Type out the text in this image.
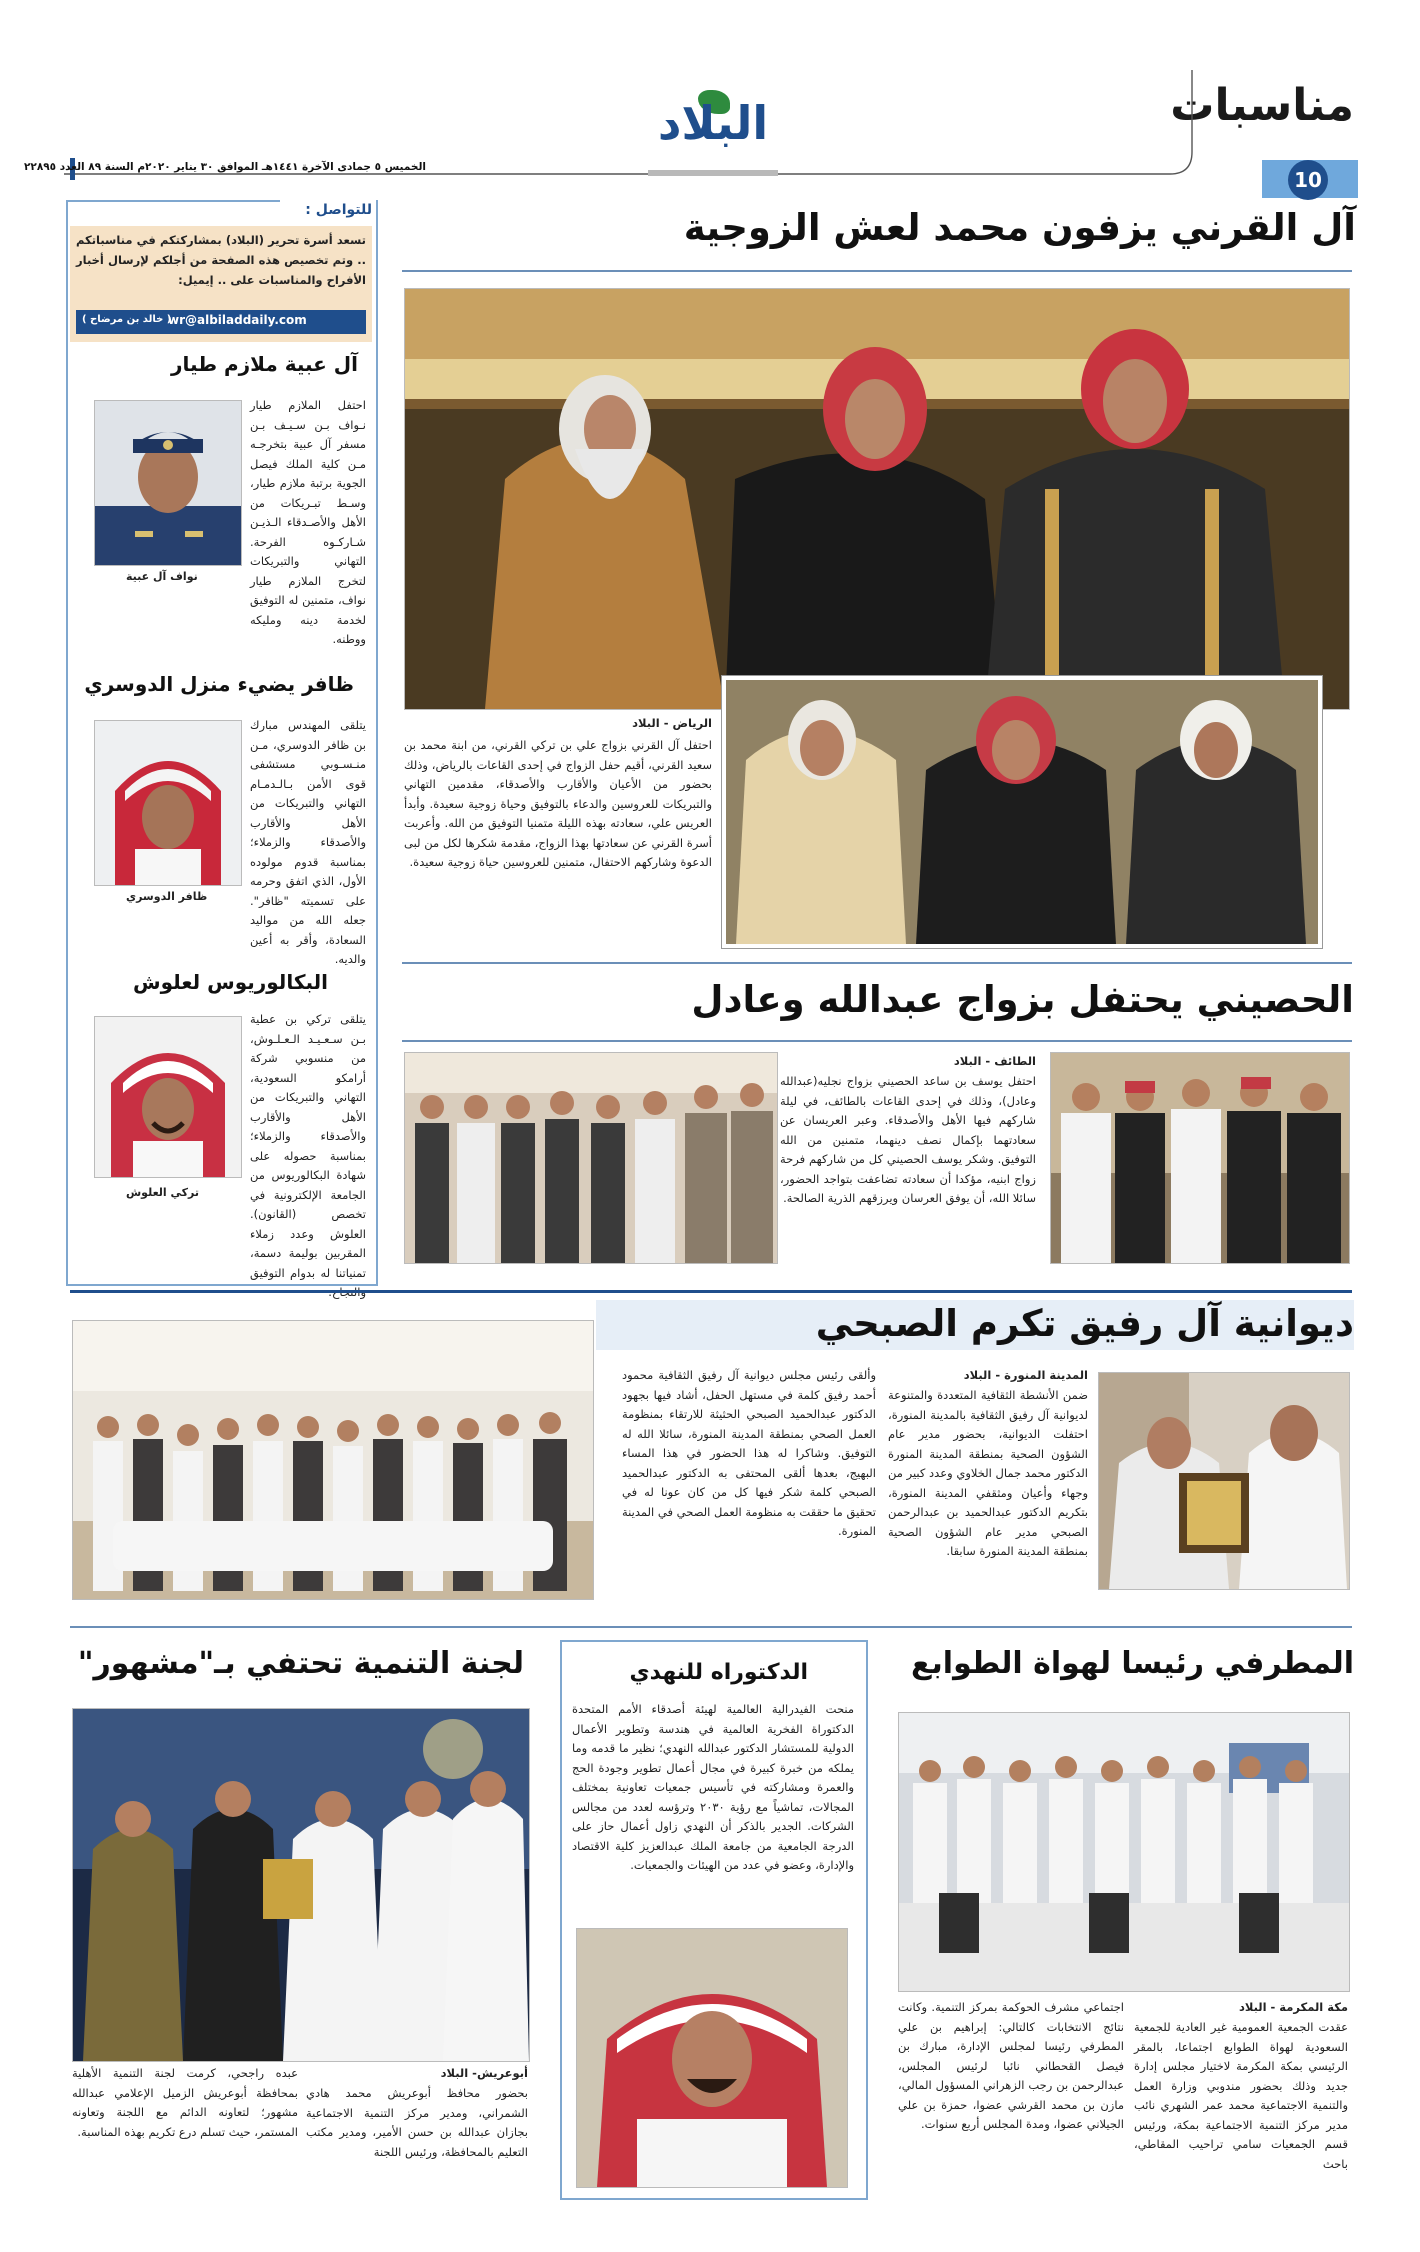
مناسبات
10
البلاد
الخميس ٥ جمادى الآخرة ١٤٤١هـ الموافق ٣٠ يناير ٢٠٢٠م السنة ٨٩ العدد ٢٢٨٩٥
للتواصل :
تسعد أسرة تحرير (البلاد) بمشاركتكم في مناسباتكم .. وتم تخصيص هذه الصفحة من أجلكم لإرسال أخبار الأفراح والمناسبات على .. إيميل:
wr@albiladdaily.com
( خالد بن مرضاح )
آل عبية ملازم طيار
نواف آل عبية
احتفل الملازم طيار نـواف بـن سـيـف بـن مسفر آل عبية بتخرجـه مـن كلية الملك فيصل الجوية برتبة ملازم طيار، وسـط تبـريكات من الأهل والأصـدقاء الـذيـن شـاركـوه الفرحة. التهاني والتبريكات لتخرج الملازم طيار نواف، متمنين له التوفيق لخدمة دينه ومليكه ووطنه.
ظافر يضيء منزل الدوسري
ظافر الدوسري
يتلقى المهندس مبارك بن ظافر الدوسري، مـن منـسـوبي مستشفى قوى الأمن بـالـدمـام التهاني والتبريكات من الأهل والأقارب والأصدقاء والزملاء؛ بمناسبة قدوم مولوده الأول، الذي اتفق وحرمه على تسميته "ظافر". جعله الله من مواليد السعادة، وأقر به أعين والديه.
البكالوريوس لعلوش
تركي العلوش
يتلقى تركي بن عطية بـن سـعـيـد الـعـلـوش، من منسوبي شركة أرامكو السعودية، التهاني والتبريكات من الأهل والأقارب والأصدقاء والزملاء؛ بمناسبة حصوله على شهادة البكالوريوس من الجامعة الإلكترونية في تخصص (القانون). العلوش وعدد زملاء المقربين بوليمة دسمة، تمنياتنا له بدوام التوفيق
آل القرني يزفون محمد لعش الزوجية
الرياض - البلاد
احتفل آل القرني بزواج علي بن تركي القرني، من ابنة محمد بن سعيد القرني، أقيم حفل الزواج في إحدى القاعات بالرياض، وذلك بحضور من الأعيان والأقارب والأصدقاء، مقدمين التهاني والتبريكات للعروسين والدعاء بالتوفيق وحياة زوجية سعيدة. وأبدأ العريس علي، سعادته بهذه الليلة متمنيا التوفيق من الله. وأعربت أسرة القرني عن سعادتها بهذا الزواج، مقدمة شكرها لكل من لبى الدعوة وشاركهم الاحتفال، متمنين للعروسين حياة زوجية سعيدة.
الحصيني يحتفل بزواج عبدالله وعادل
الطائف - البلاد
احتفل يوسف بن ساعد الحصيني بزواج نجليه(عبدالله وعادل)، وذلك في إحدى القاعات بالطائف، في ليلة شاركهم فيها الأهل والأصدقاء. وعبر العريسان عن سعادتهما بإكمال نصف دينهما، متمنين من الله التوفيق. وشكر يوسف الحصيني كل من شاركهم فرحة زواج ابنيه، مؤكدا أن سعادته تضاعفت بتواجد الحضور، سائلا الله، أن يوفق العرسان ويرزقهم الذرية الصالحة.
ديوانية آل رفيق تكرم الصبحي
المدينة المنورة - البلاد
ضمن الأنشطة الثقافية المتعددة والمتنوعة لديوانية آل رفيق الثقافية بالمدينة المنورة، احتفلت الديوانية، بحضور مدير عام الشؤون الصحية بمنطقة المدينة المنورة الدكتور محمد جمال الخلاوي وعدد كبير من وجهاء وأعيان ومثقفي المدينة المنورة، بتكريم الدكتور عبدالحميد بن عبدالرحمن الصبحي مدير عام الشؤون الصحية بمنطقة المدينة المنورة سابقا.
وألقى رئيس مجلس ديوانية آل رفيق الثقافية محمود أحمد رفيق كلمة في مستهل الحفل، أشاد فيها بجهود الدكتور عبدالحميد الصبحي الحثيثة للارتقاء بمنظومة العمل الصحي بمنطقة المدينة المنورة، سائلا الله له التوفيق. وشاكرا له هذا الحضور في هذا المساء البهيج، بعدها ألقى المحتفى به الدكتور عبدالحميد الصبحي كلمة شكر فيها كل من كان عونا له في تحقيق ما حققت به منظومة العمل الصحي في المدينة المنورة.
المطرفي رئيسا لهواة الطوابع
مكة المكرمة - البلاد
عقدت الجمعية العمومية غير العادية للجمعية السعودية لهواة الطوابع اجتماعا، بالمقر الرئيسي بمكة المكرمة لاختيار مجلس إدارة جديد وذلك بحضور مندوبي وزارة العمل والتنمية الاجتماعية محمد عمر الشهري نائب مدير مركز التنمية الاجتماعية بمكة، ورئيس قسم الجمعيات سامي تراحيب المقاطي، باحث
اجتماعي مشرف الحوكمة بمركز التنمية. وكانت نتائج الانتخابات كالتالي: إبراهيم بن علي المطرفي رئيسا لمجلس الإدارة، مبارك بن فيصل القحطاني نائبا لرئيس المجلس، عبدالرحمن بن رجب الزهراني المسؤول المالي، مازن بن محمد القرشي عضوا، حمزة بن علي الجيلاني عضوا، ومدة المجلس أربع سنوات.
الدكتوراه للنهدي
منحت الفيدرالية العالمية لهيئة أصدقاء الأمم المتحدة الدكتوراة الفخرية العالمية في هندسة وتطوير الأعمال الدولية للمستشار الدكتور عبدالله النهدي؛ نظير ما قدمه وما يملكه من خبرة كبيرة في مجال أعمال تطوير وجودة الحج والعمرة ومشاركته في تأسيس جمعيات تعاونية بمختلف المجالات، تماشياً مع رؤية ٢٠٣٠ وترؤسه لعدد من مجالس الشركات. الجدير بالذكر أن النهدي زاول أعمال حاز على الدرجة الجامعية من جامعة الملك عبدالعزيز كلية الاقتصاد والإدارة، وعضو في عدد من الهيئات والجمعيات.
لجنة التنمية تحتفي بـ"مشهور"
أبوعريش- البلاد
بحضور محافظ أبوعريش محمد هادي الشمراني، ومدير مركز التنمية الاجتماعية بجازان عبدالله بن حسن الأمير، ومدير مكتب التعليم بالمحافظة، ورئيس اللجنة
عبده راجحي، كرمت لجنة التنمية الأهلية بمحافظة أبوعريش الزميل الإعلامي عبدالله مشهور؛ لتعاونه الدائم مع اللجنة وتعاونه المستمر، حيث تسلم درع تكريم بهذه المناسبة.
